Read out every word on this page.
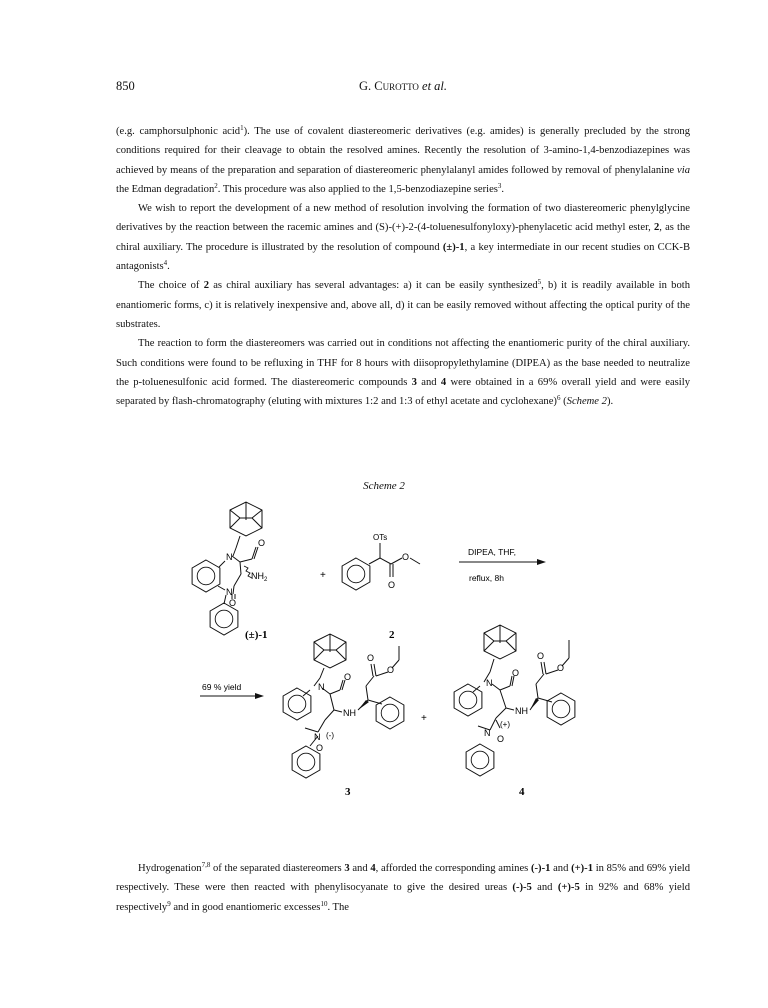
850	G. Curotto et al.

(e.g. camphorsulphonic acid$^1$). The use of covalent diastereomeric derivatives (e.g. amides) is generally precluded by the strong conditions required for their cleavage to obtain the resolved amines. Recently the resolution of 3-amino-1,4-benzodiazepines was achieved by means of the preparation and separation of diastereomeric phenylalanyl amides followed by removal of phenylalanine via the Edman degradation$^2$. This procedure was also applied to the 1,5-benzodiazepine series$^3$.

We wish to report the development of a new method of resolution involving the formation of two diastereomeric phenylglycine derivatives by the reaction between the racemic amines and (S)-(+)-2-(4-toluenesulfonyloxy)-phenylacetic acid methyl ester, 2, as the chiral auxiliary. The procedure is illustrated by the resolution of compound (±)-1, a key intermediate in our recent studies on CCK-B antagonists$^4$.

The choice of 2 as chiral auxiliary has several advantages: a) it can be easily synthesized$^5$, b) it is readily available in both enantiomeric forms, c) it is relatively inexpensive and, above all, d) it can be easily removed without affecting the optical purity of the substrates.

The reaction to form the diastereomers was carried out in conditions not affecting the enantiomeric purity of the chiral auxiliary. Such conditions were found to be refluxing in THF for 8 hours with diisopropylethylamine (DIPEA) as the base needed to neutralize the p-toluenesulfonic acid formed. The diastereomeric compounds 3 and 4 were obtained in a 69% overall yield and were easily separated by flash-chromatography (eluting with mixtures 1:2 and 1:3 of ethyl acetate and cyclohexane)$^6$ (Scheme 2).

Scheme 2
N
O
N
O
$NH_2$
(±)-1
+
OTs
O
O
2
DIPEA, THF,
reflux, 8h
69 % yield	N
O
NH
N (-)
O
O
O
3
+
N
O
NH
N
(+)
O
O
O
4

Hydrogenation$^{7,8}$ of the separated diastereomers 3 and 4, afforded the corresponding amines (-)-1 and (+)-1 in 85% and 69% yield respectively. These were then reacted with phenylisocyanate to give the desired ureas (-)-5 and (+)-5 in 92% and 68% yield respectively$^9$ and in good enantiomeric excesses$^{10}$. The
